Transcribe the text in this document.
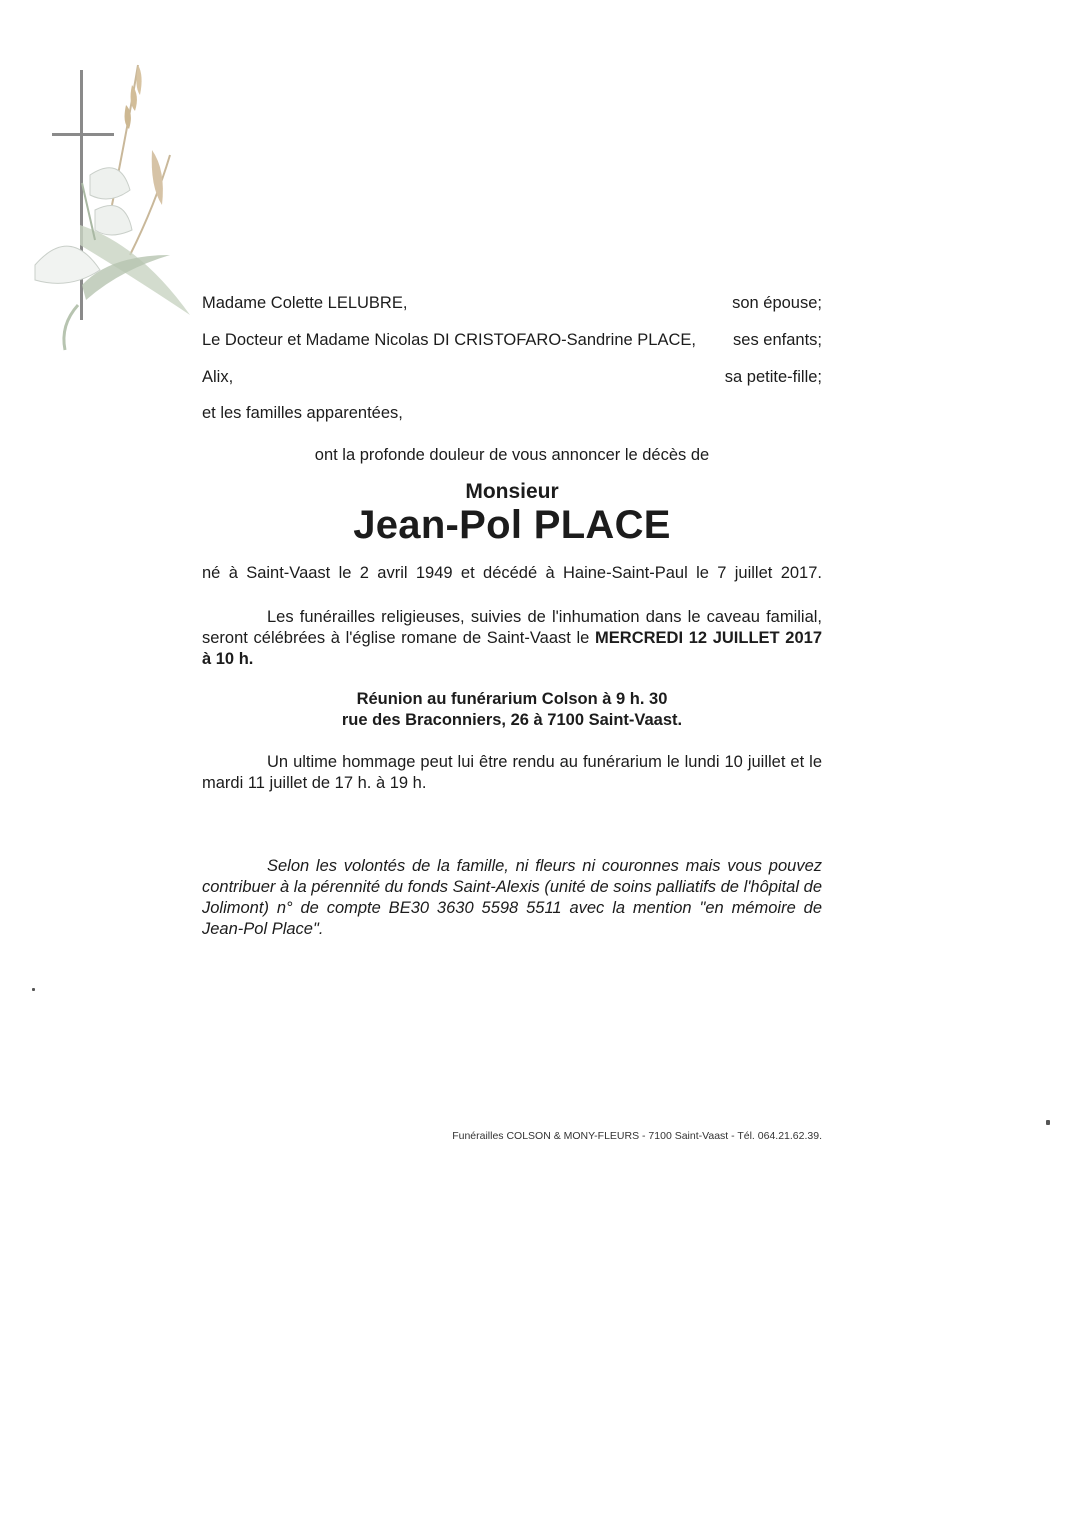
Madame Colette LELUBRE,	son épouse;
Le Docteur et Madame Nicolas DI CRISTOFARO-Sandrine PLACE, ses enfants;
Alix,	sa petite-fille;
et les familles apparentées,
ont la profonde douleur de vous annoncer le décès de
Monsieur
Jean-Pol PLACE
né à Saint-Vaast le 2 avril 1949 et décédé à Haine-Saint-Paul le 7 juillet 2017.

Les funérailles religieuses, suivies de l'inhumation dans le caveau familial, seront célébrées à l'église romane de Saint-Vaast le MERCREDI 12 JUILLET 2017 à 10 h.

Réunion au funérarium Colson à 9 h. 30
rue des Braconniers, 26 à 7100 Saint-Vaast.

Un ultime hommage peut lui être rendu au funérarium le lundi 10 juillet et le mardi 11 juillet de 17 h. à 19 h.

Selon les volontés de la famille, ni fleurs ni couronnes mais vous pouvez contribuer à la pérennité du fonds Saint-Alexis (unité de soins palliatifs de l'hôpital de Jolimont) n° de compte BE30 3630 5598 5511 avec la mention "en mémoire de Jean-Pol Place".

Funérailles COLSON & MONY-FLEURS - 7100 Saint-Vaast - Tél. 064.21.62.39.
